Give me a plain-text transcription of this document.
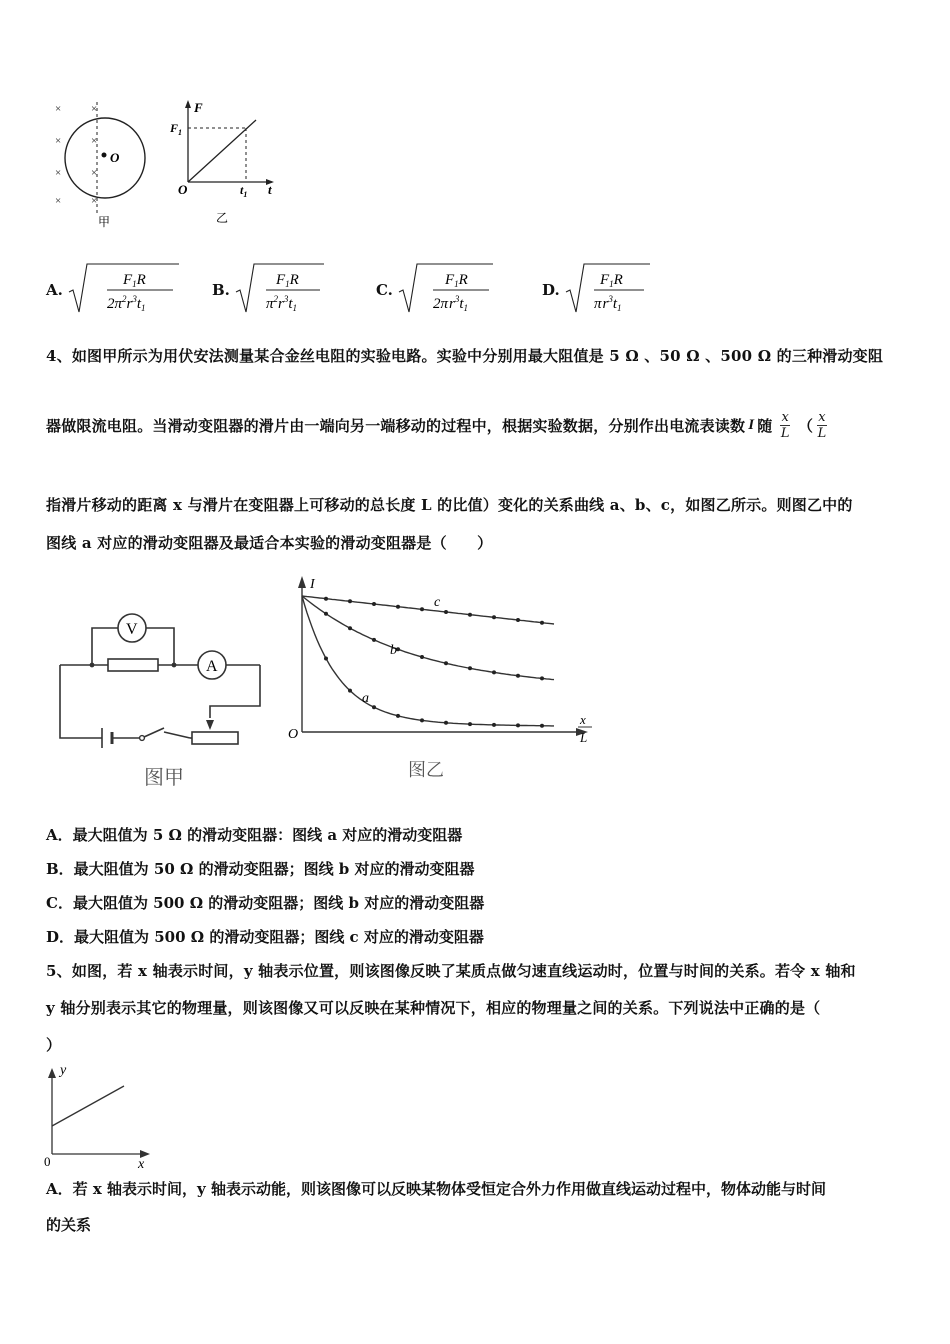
×	×
×	×
×	×
×	×
O
甲
F
t
O
$F_1$
$t_1$
乙
A.
$F_1R$
$2\pi^2r^3t_1$
B.
$F_1R$
$\pi^2r^3t_1$
C.
$F_1R$
$2\pi r^3t_1$
D.
$F_1R$
$\pi r^3t_1$
4、如图甲所示为用伏安法测量某合金丝电阻的实验电路。实验中分别用最大阻值是 5 Ω 、50 Ω 、500 Ω 的三种滑动变阻
器做限流电阻。当滑动变阻器的滑片由一端向另一端移动的过程中，根据实验数据，分别作出电流表读数 I 随 $\frac{x}{L}$ （ $\frac{x}{L}$
指滑片移动的距离 x 与滑片在变阻器上可移动的总长度 L 的比值）变化的关系曲线 a、b、c，如图乙所示。则图乙中的
图线 a 对应的滑动变阻器及最适合本实验的滑动变阻器是（　　）
V
A
图甲
I
O
x
L
c
b
a
图乙
A．最大阻值为 5 Ω 的滑动变阻器：图线 a 对应的滑动变阻器
B．最大阻值为 50 Ω 的滑动变阻器；图线 b 对应的滑动变阻器
C．最大阻值为 500 Ω 的滑动变阻器；图线 b 对应的滑动变阻器
D．最大阻值为 500 Ω 的滑动变阻器；图线 c 对应的滑动变阻器
5、如图，若 x 轴表示时间，y 轴表示位置，则该图像反映了某质点做匀速直线运动时，位置与时间的关系。若令 x 轴和
y 轴分别表示其它的物理量，则该图像又可以反映在某种情况下，相应的物理量之间的关系。下列说法中正确的是（
）
y
x
0
A．若 x 轴表示时间，y 轴表示动能，则该图像可以反映某物体受恒定合外力作用做直线运动过程中，物体动能与时间
的关系
